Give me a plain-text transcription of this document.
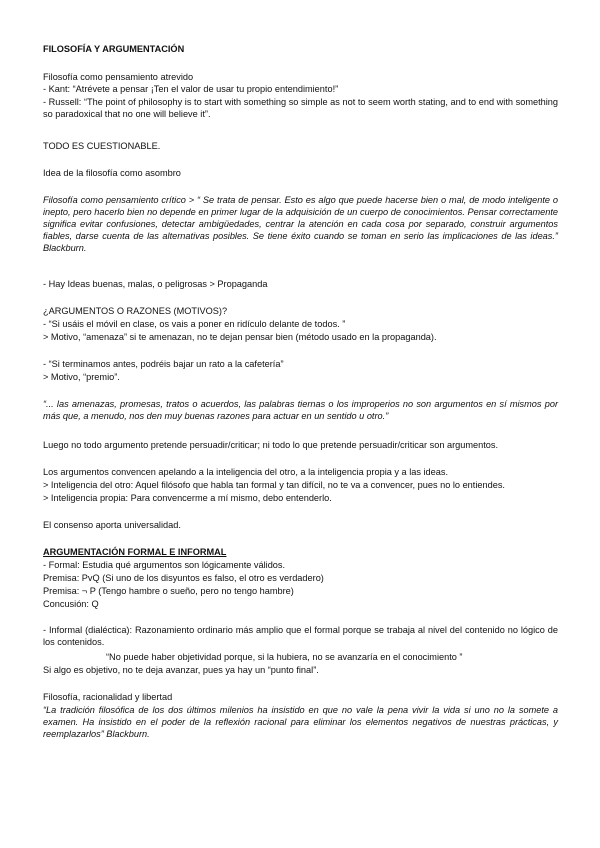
FILOSOFÍA Y ARGUMENTACIÓN
Filosofía como pensamiento atrevido
- Kant: “Atrévete a pensar ¡Ten el valor de usar tu propio entendimiento!”
- Russell: “The point of philosophy is to start with something so simple as not to seem worth stating, and to end with something so paradoxical that no one will believe it”.
TODO ES CUESTIONABLE.
Idea de la filosofía como asombro
Filosofía como pensamiento crítico > “ Se trata de pensar. Esto es algo que puede hacerse bien o mal, de modo inteligente o inepto, pero hacerlo bien no depende en primer lugar de la adquisición de un cuerpo de conocimientos. Pensar correctamente significa evitar confusiones, detectar ambigüedades, centrar la atención en cada cosa por separado, construir argumentos fiables, darse cuenta de las alternativas posibles. Se tiene éxito cuando se toman en serio las implicaciones de las ideas.” Blackburn.
- Hay Ideas buenas, malas, o peligrosas > Propaganda
¿ARGUMENTOS O RAZONES (MOTIVOS)?
- “Si usáis el móvil en clase, os vais a poner en ridículo delante de todos. ”
> Motivo, “amenaza” si te amenazan, no te dejan pensar bien (método usado en la propaganda).
- “Si terminamos antes, podréis bajar un rato a la cafetería”
> Motivo, “premio”.
“... las amenazas, promesas, tratos o acuerdos, las palabras tiernas o los improperios no son argumentos en sí mismos por más que, a menudo, nos den muy buenas razones para actuar en un sentido u otro.”
Luego no todo argumento pretende persuadir/criticar; ni todo lo que pretende persuadir/criticar son argumentos.
Los argumentos convencen apelando a la inteligencia del otro, a la inteligencia propia y a las ideas.
> Inteligencia del otro: Aquel filósofo que habla tan formal y tan difícil, no te va a convencer, pues no lo entiendes.
> Inteligencia propia: Para convencerme a mí mismo, debo entenderlo.
El consenso aporta universalidad.
ARGUMENTACIÓN FORMAL E INFORMAL
- Formal: Estudia qué argumentos son lógicamente válidos.
Premisa: PvQ (Si uno de los disyuntos es falso, el otro es verdadero)
Premisa: ¬ P (Tengo hambre o sueño, pero no tengo hambre)
Concusión: Q
- Informal (dialéctica): Razonamiento ordinario más amplio que el formal porque se trabaja al nivel del contenido no lógico de los contenidos.
“No puede haber objetividad porque, si la hubiera, no se avanzaría en el conocimiento ”
Si algo es objetivo, no te deja avanzar, pues ya hay un “punto final”.
Filosofía, racionalidad y libertad
“La tradición filosófica de los dos últimos milenios ha insistido en que no vale la pena vivir la vida si uno no la somete a examen. Ha insistido en el poder de la reflexión racional para eliminar los elementos negativos de nuestras prácticas, y reemplazarlos” Blackburn.
